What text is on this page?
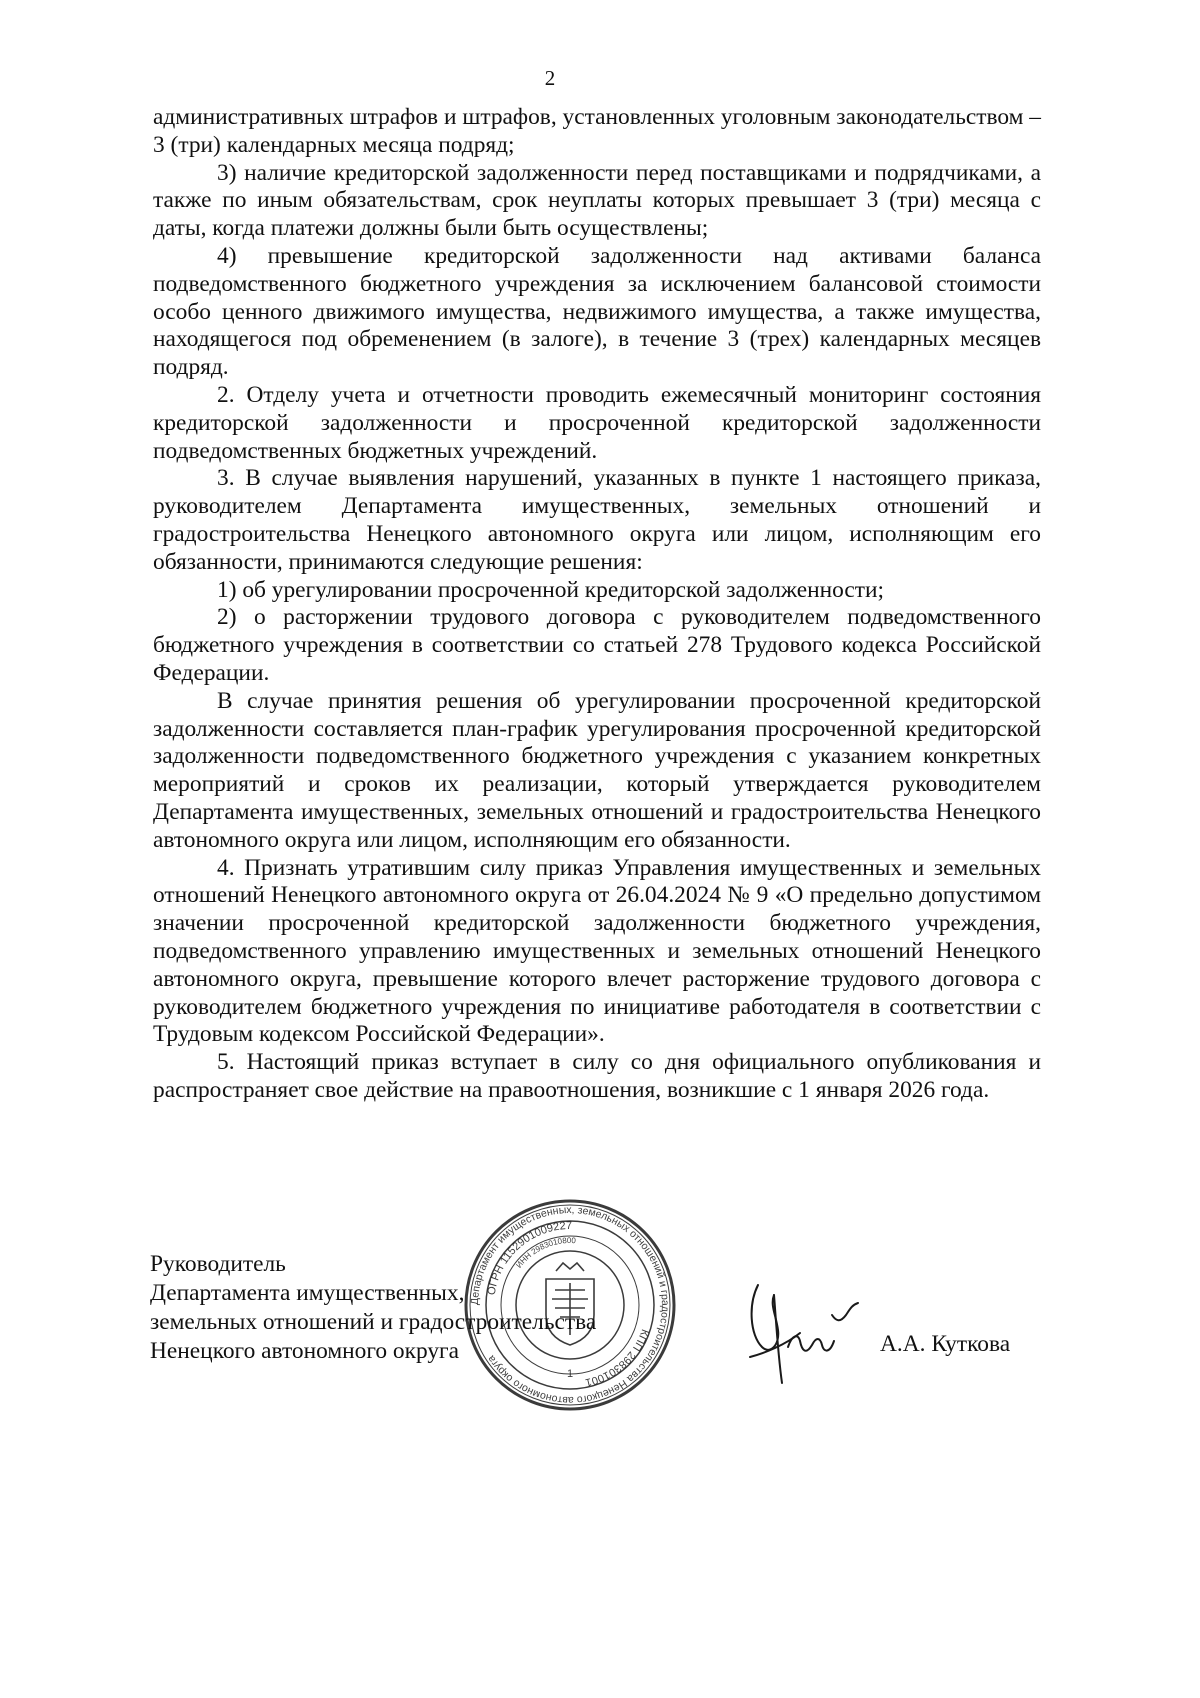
2

административных штрафов и штрафов, установленных уголовным законодательством – 3 (три) календарных месяца подряд;

3) наличие кредиторской задолженности перед поставщиками и подрядчиками, а также по иным обязательствам, срок неуплаты которых превышает 3 (три) месяца с даты, когда платежи должны были быть осуществлены;

4) превышение кредиторской задолженности над активами баланса подведомственного бюджетного учреждения за исключением балансовой стоимости особо ценного движимого имущества, недвижимого имущества, а также имущества, находящегося под обременением (в залоге), в течение 3 (трех) календарных месяцев подряд.

2. Отделу учета и отчетности проводить ежемесячный мониторинг состояния кредиторской задолженности и просроченной кредиторской задолженности подведомственных бюджетных учреждений.

3. В случае выявления нарушений, указанных в пункте 1 настоящего приказа, руководителем Департамента имущественных, земельных отношений и градостроительства Ненецкого автономного округа или лицом, исполняющим его обязанности, принимаются следующие решения:

1) об урегулировании просроченной кредиторской задолженности;

2) о расторжении трудового договора с руководителем подведомственного бюджетного учреждения в соответствии со статьей 278 Трудового кодекса Российской Федерации.

В случае принятия решения об урегулировании просроченной кредиторской задолженности составляется план-график урегулирования просроченной кредиторской задолженности подведомственного бюджетного учреждения с указанием конкретных мероприятий и сроков их реализации, который утверждается руководителем Департамента имущественных, земельных отношений и градостроительства Ненецкого автономного округа или лицом, исполняющим его обязанности.

4. Признать утратившим силу приказ Управления имущественных и земельных отношений Ненецкого автономного округа от 26.04.2024 № 9 «О предельно допустимом значении просроченной кредиторской задолженности бюджетного учреждения, подведомственного управлению имущественных и земельных отношений Ненецкого автономного округа, превышение которого влечет расторжение трудового договора с руководителем бюджетного учреждения по инициативе работодателя в соответствии с Трудовым кодексом Российской Федерации».

5. Настоящий приказ вступает в силу со дня официального опубликования и распространяет свое действие на правоотношения, возникшие с 1 января 2026 года.

Департамент имущественных, земельных отношений и градостроительства Ненецкого автономного округа
ОГРН 1152901009227
КПП 298301001
ИНН 2983010800
1
Руководитель
Департамента имущественных,
земельных отношений и градостроительства
Ненецкого автономного округа	А.А. Куткова
